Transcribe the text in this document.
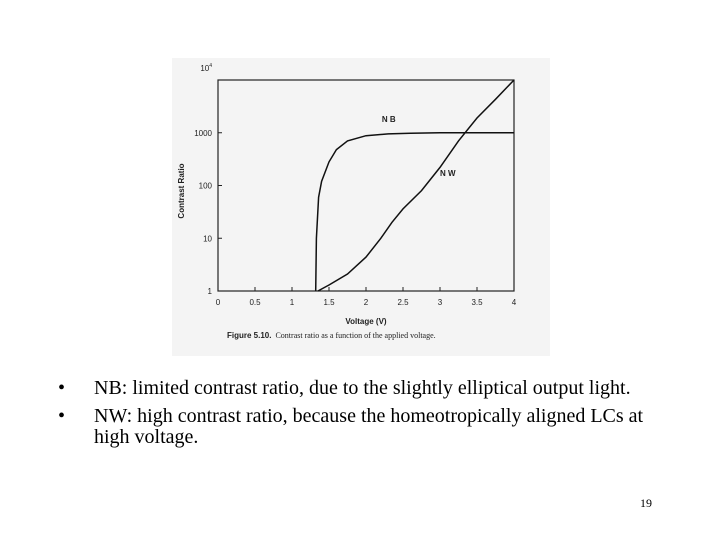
$10^4$
Contrast Ratio
Voltage (V)
0	0.5	1	1.5	2	2.5	3	3.5	4
1
10
100
1000
N B
N W
Figure 5.10. Contrast ratio as a function of the applied voltage.
•	NB: limited contrast ratio, due to the slightly elliptical output light.
•	NW: high contrast ratio, because the homeotropically aligned LCs at high voltage.
19
